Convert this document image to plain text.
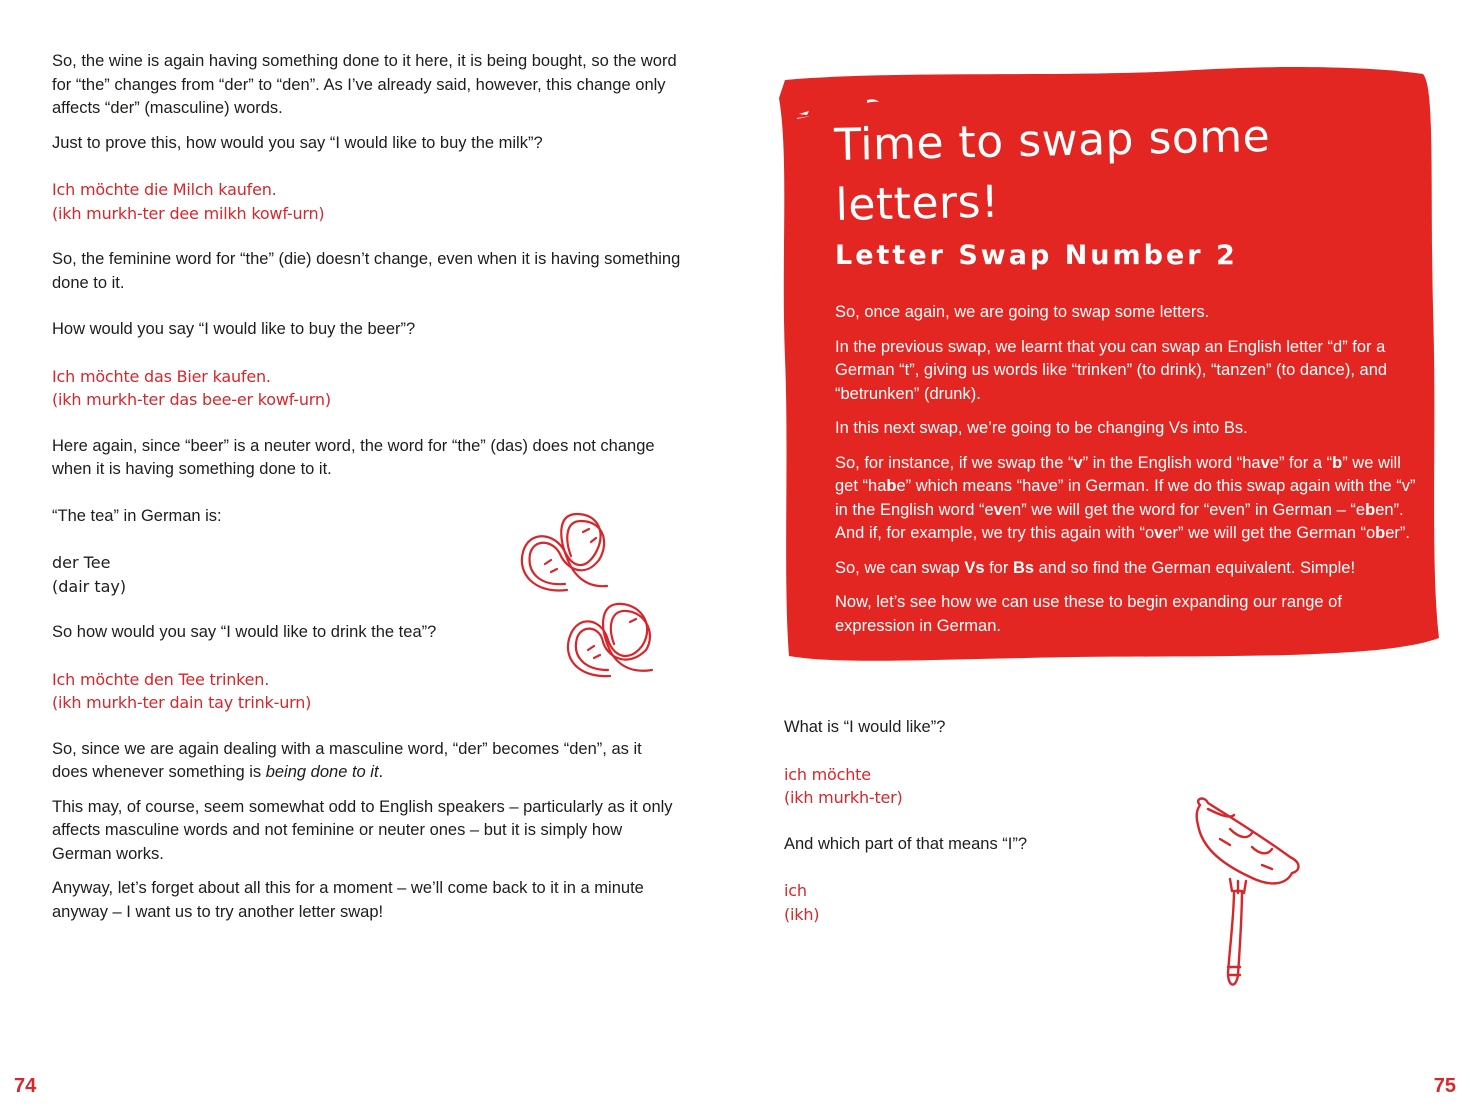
So, the wine is again having something done to it here, it is being bought, so the word for “the” changes from “der” to “den”. As I’ve already said, however, this change only affects “der” (masculine) words.

Just to prove this, how would you say “I would like to buy the milk”?

Ich möchte die Milch kaufen.

(ikh murkh-ter dee milkh kowf-urn)

So, the feminine word for “the” (die) doesn’t change, even when it is having something done to it.

How would you say “I would like to buy the beer”?

Ich möchte das Bier kaufen.

(ikh murkh-ter das bee-er kowf-urn)

Here again, since “beer” is a neuter word, the word for “the” (das) does not change when it is having something done to it.

“The tea” in German is:

der Tee

(dair tay)

So how would you say “I would like to drink the tea”?

Ich möchte den Tee trinken.

(ikh murkh-ter dain tay trink-urn)

So, since we are again dealing with a masculine word, “der” becomes “den”, as it does whenever something is being done to it.

This may, of course, seem somewhat odd to English speakers – particularly as it only affects masculine words and not feminine or neuter ones – but it is simply how German works.

Anyway, let’s forget about all this for a moment – we’ll come back to it in a minute anyway – I want us to try another letter swap!

74
Time to swap some letters!
Letter Swap Number 2

So, once again, we are going to swap some letters.

In the previous swap, we learnt that you can swap an English letter “d” for a German “t”, giving us words like “trinken” (to drink), “tanzen” (to dance), and “betrunken” (drunk).

In this next swap, we’re going to be changing Vs into Bs.

So, for instance, if we swap the “v” in the English word “have” for a “b” we will get “habe” which means “have” in German. If we do this swap again with the “v” in the English word “even” we will get the word for “even” in German – “eben”. And if, for example, we try this again with “over” we will get the German “ober”.

So, we can swap Vs for Bs and so find the German equivalent. Simple!

Now, let’s see how we can use these to begin expanding our range of expression in German.

What is “I would like”?

ich möchte

(ikh murkh-ter)

And which part of that means “I”?

ich

(ikh)

75
